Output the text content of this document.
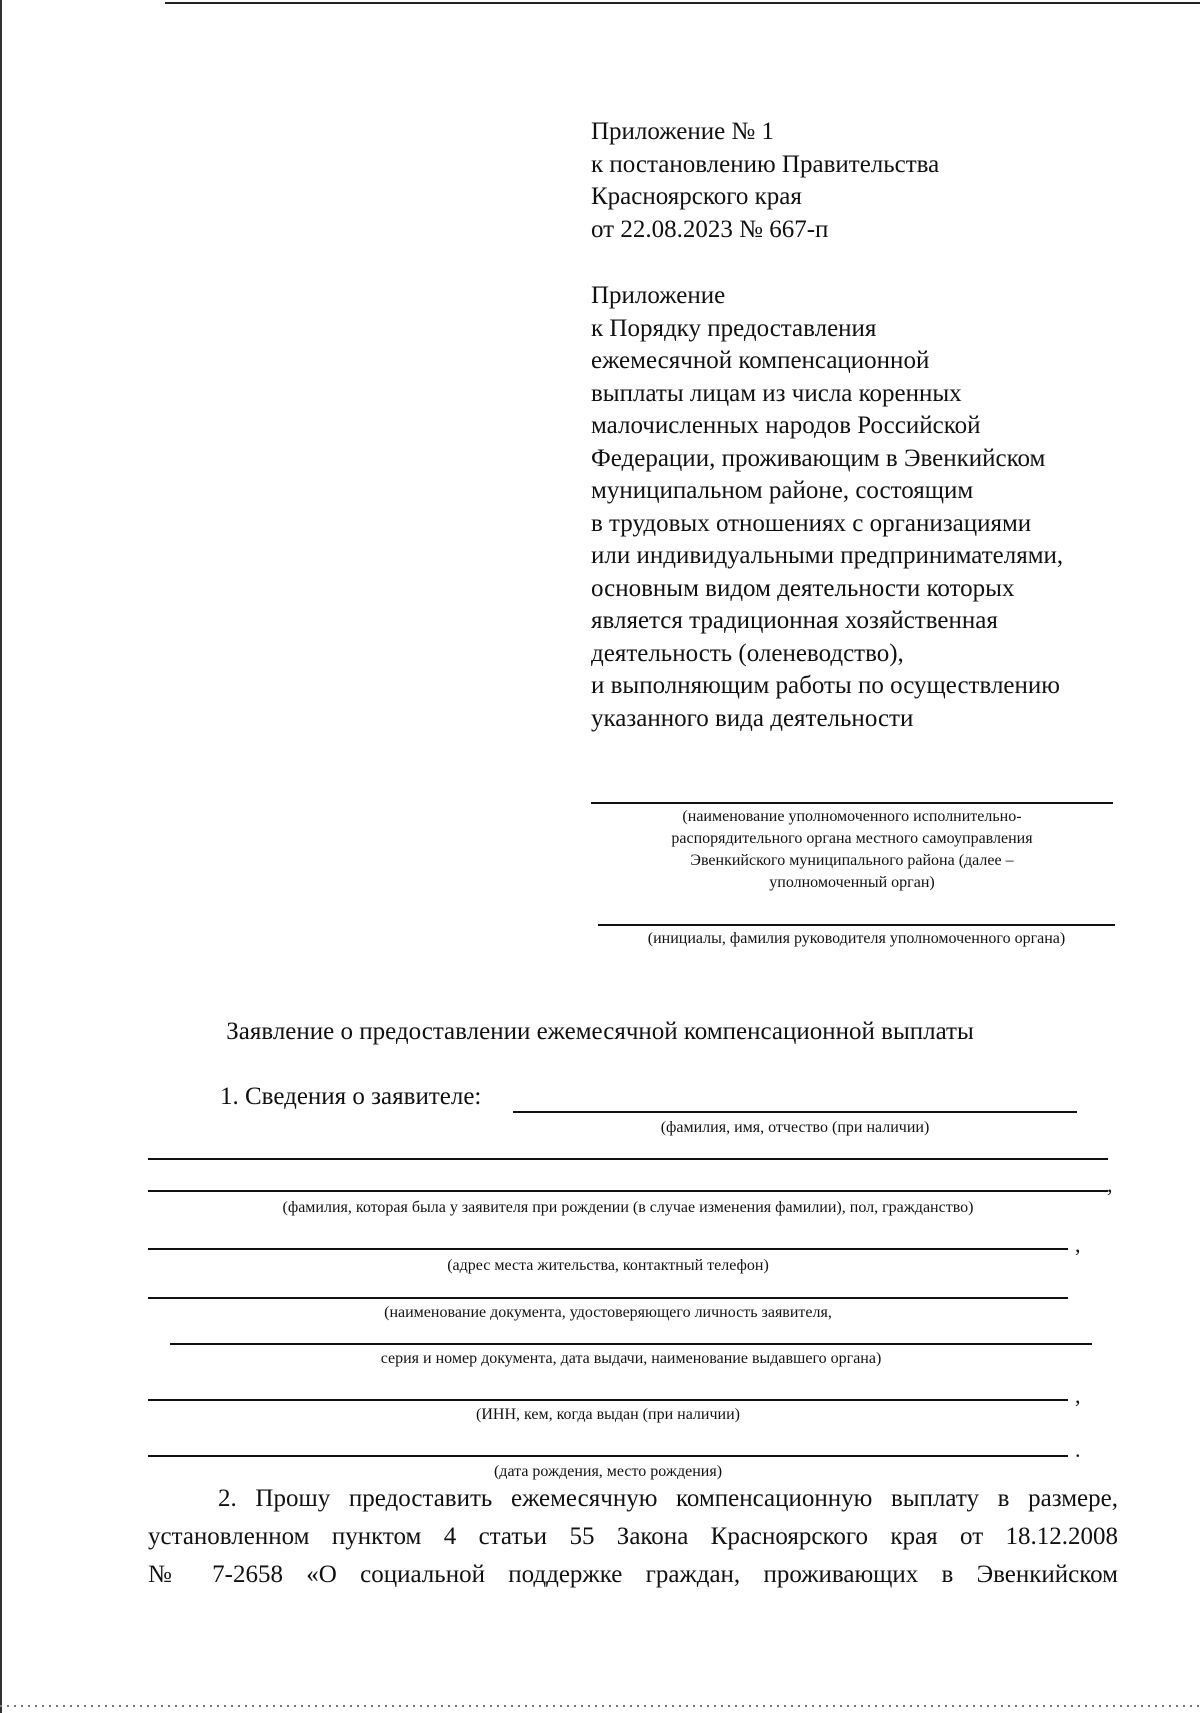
Приложение № 1
к постановлению Правительства
Красноярского края
от 22.08.2023 № 667-п
Приложение
к Порядку предоставления
ежемесячной компенсационной
выплаты лицам из числа коренных
малочисленных народов Российской
Федерации, проживающим в Эвенкийском
муниципальном районе, состоящим
в трудовых отношениях с организациями
или индивидуальными предпринимателями,
основным видом деятельности которых
является традиционная хозяйственная
деятельность (оленеводство),
и выполняющим работы по осуществлению
указанного вида деятельности
(наименование уполномоченного исполнительно-
распорядительного органа местного самоуправления
Эвенкийского муниципального района (далее –
уполномоченный орган)
(инициалы, фамилия руководителя уполномоченного органа)
Заявление о предоставлении ежемесячной компенсационной выплаты
1. Сведения о заявителе:
(фамилия, имя, отчество (при наличии)
,
(фамилия, которая была у заявителя при рождении (в случае изменения фамилии), пол, гражданство)
,
(адрес места жительства, контактный телефон)
(наименование документа, удостоверяющего личность заявителя,
серия и номер документа, дата выдачи, наименование выдавшего органа)
,
(ИНН, кем, когда выдан (при наличии)
.
(дата рождения, место рождения)
2. Прошу предоставить ежемесячную компенсационную выплату в размере,
установленном пунктом 4 статьи 55 Закона Красноярского края от 18.12.2008
№ 7-2658 «О социальной поддержке граждан, проживающих в Эвенкийском
